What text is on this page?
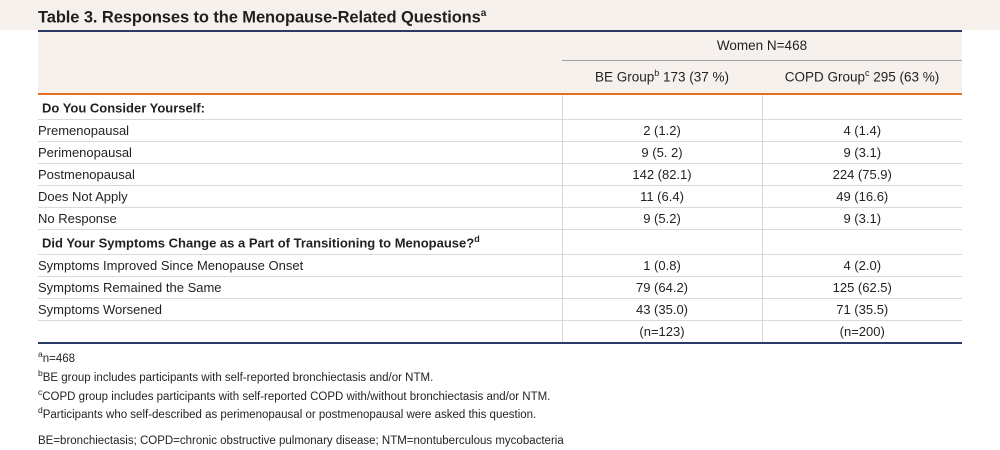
Table 3. Responses to the Menopause-Related Questions$^a$
	Women N=468	
	BE Group$^b$ 173 (37 %)	COPD Group$^c$ 295 (63 %)

Do You Consider Yourself:		
Premenopausal	2 (1.2)	4 (1.4)
Perimenopausal	9 (5. 2)	9 (3.1)
Postmenopausal	142 (82.1)	224 (75.9)
Does Not Apply	11 (6.4)	49 (16.6)
No Response	9 (5.2)	9 (3.1)
Did Your Symptoms Change as a Part of Transitioning to Menopause?$^d$		
Symptoms Improved Since Menopause Onset	1 (0.8)	4 (2.0)
Symptoms Remained the Same	79 (64.2)	125 (62.5)
Symptoms Worsened	43 (35.0)	71 (35.5)
	(n=123)	(n=200)
$^a$n=468
$^b$BE group includes participants with self-reported bronchiectasis and/or NTM.
$^c$COPD group includes participants with self-reported COPD with/without bronchiectasis and/or NTM.
$^d$Participants who self-described as perimenopausal or postmenopausal were asked this question.
BE=bronchiectasis; COPD=chronic obstructive pulmonary disease; NTM=nontuberculous mycobacteria
